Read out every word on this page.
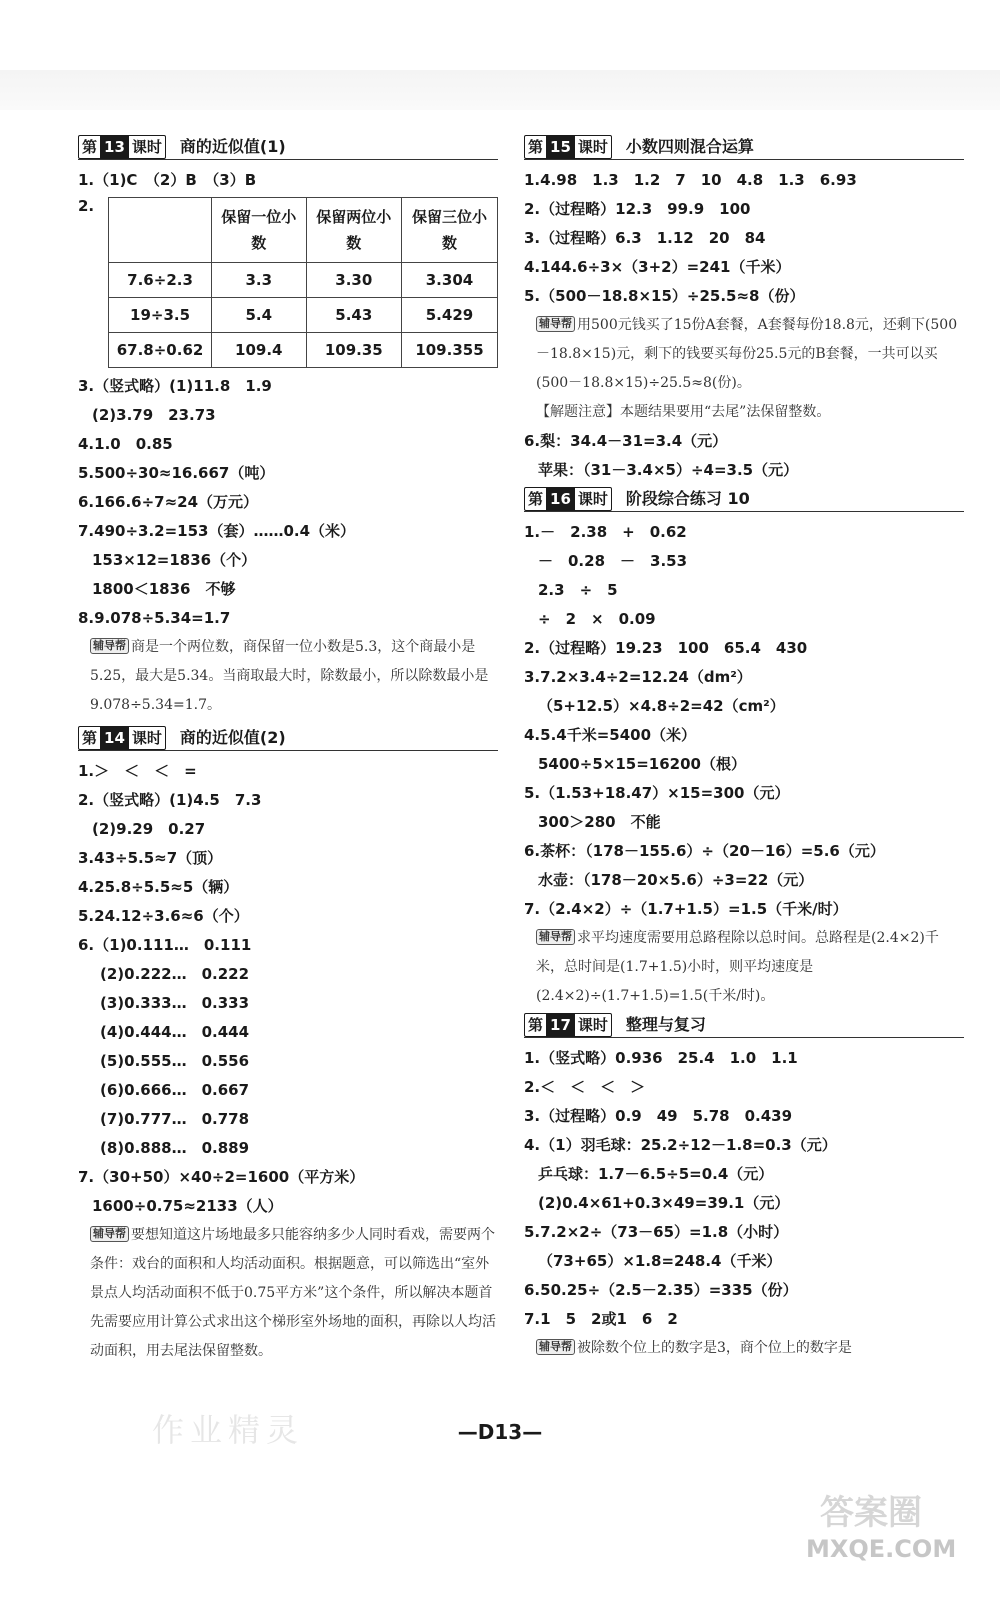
第 13 课时 商的近似值(1)
1.（1)C　（2）B　（3）B
2.
	保留一位小数	保留两位小数	保留三位小数
7.6÷2.3	3.3	3.30	3.304
19÷3.5	5.4	5.43	5.429
67.8÷0.62	109.4	109.35	109.355
3.（竖式略）(1)11.8　1.9
(2)3.79　23.73
4.1.0　0.85
5.500÷30≈16.667（吨）
6.166.6÷7≈24（万元）
7.490÷3.2=153（套）……0.4（米）
153×12=1836（个）
1800＜1836　不够
8.9.078÷5.34=1.7
辅导帮 商是一个两位数，商保留一位小数是5.3，这个商最小是5.25，最大是5.34。当商取最大时，除数最小，所以除数最小是9.078÷5.34=1.7。
第 14 课时 商的近似值(2)
1.＞　＜　＜　=
2.（竖式略）(1)4.5　7.3
(2)9.29　0.27
3.43÷5.5≈7（顶）
4.25.8÷5.5≈5（辆）
5.24.12÷3.6≈6（个）
6.（1)0.111…　0.111
(2)0.222…　0.222
(3)0.333…　0.333
(4)0.444…　0.444
(5)0.555…　0.556
(6)0.666…　0.667
(7)0.777…　0.778
(8)0.888…　0.889
7.（30+50）×40÷2=1600（平方米）
1600÷0.75≈2133（人）
辅导帮 要想知道这片场地最多只能容纳多少人同时看戏，需要两个条件：戏台的面积和人均活动面积。根据题意，可以筛选出“室外景点人均活动面积不低于0.75平方米”这个条件，所以解决本题首先需要应用计算公式求出这个梯形室外场地的面积，再除以人均活动面积，用去尾法保留整数。
第 15 课时 小数四则混合运算
1.4.98　1.3　1.2　7　10　4.8　1.3　6.93
2.（过程略）12.3　99.9　100
3.（过程略）6.3　1.12　20　84
4.144.6÷3×（3+2）=241（千米）
5.（500－18.8×15）÷25.5≈8（份）
辅导帮 用500元钱买了15份A套餐，A套餐每份18.8元，还剩下(500－18.8×15)元，剩下的钱要买每份25.5元的B套餐，一共可以买(500－18.8×15)÷25.5≈8(份)。
【解题注意】本题结果要用“去尾”法保留整数。
6.梨：34.4－31=3.4（元）
苹果：（31－3.4×5）÷4=3.5（元）
第 16 课时 阶段综合练习 10
1.－　2.38　+　0.62
－　0.28　－　3.53
2.3　÷　5
÷　2　×　0.09
2.（过程略）19.23　100　65.4　430
3.7.2×3.4÷2=12.24（dm²）
（5+12.5）×4.8÷2=42（cm²）
4.5.4千米=5400（米）
5400÷5×15=16200（根）
5.（1.53+18.47）×15=300（元）
300＞280　不能
6.茶杯：（178－155.6）÷（20－16）=5.6（元）
水壶：（178－20×5.6）÷3=22（元）
7.（2.4×2）÷（1.7+1.5）=1.5（千米/时）
辅导帮 求平均速度需要用总路程除以总时间。总路程是(2.4×2)千米，总时间是(1.7+1.5)小时，则平均速度是(2.4×2)÷(1.7+1.5)=1.5(千米/时)。
第 17 课时 整理与复习
1.（竖式略）0.936　25.4　1.0　1.1
2.＜　＜　＜　＞
3.（过程略）0.9　49　5.78　0.439
4.（1）羽毛球：25.2÷12－1.8=0.3（元）
乒乓球：1.7－6.5÷5=0.4（元）
(2)0.4×61+0.3×49=39.1（元）
5.7.2×2÷（73－65）=1.8（小时）
（73+65）×1.8=248.4（千米）
6.50.25÷（2.5－2.35）=335（份）
7.1　5　2或1　6　2
辅导帮 被除数个位上的数字是3，商个位上的数字是
作业精灵	—D13—
答案圈
MXQE.COM
